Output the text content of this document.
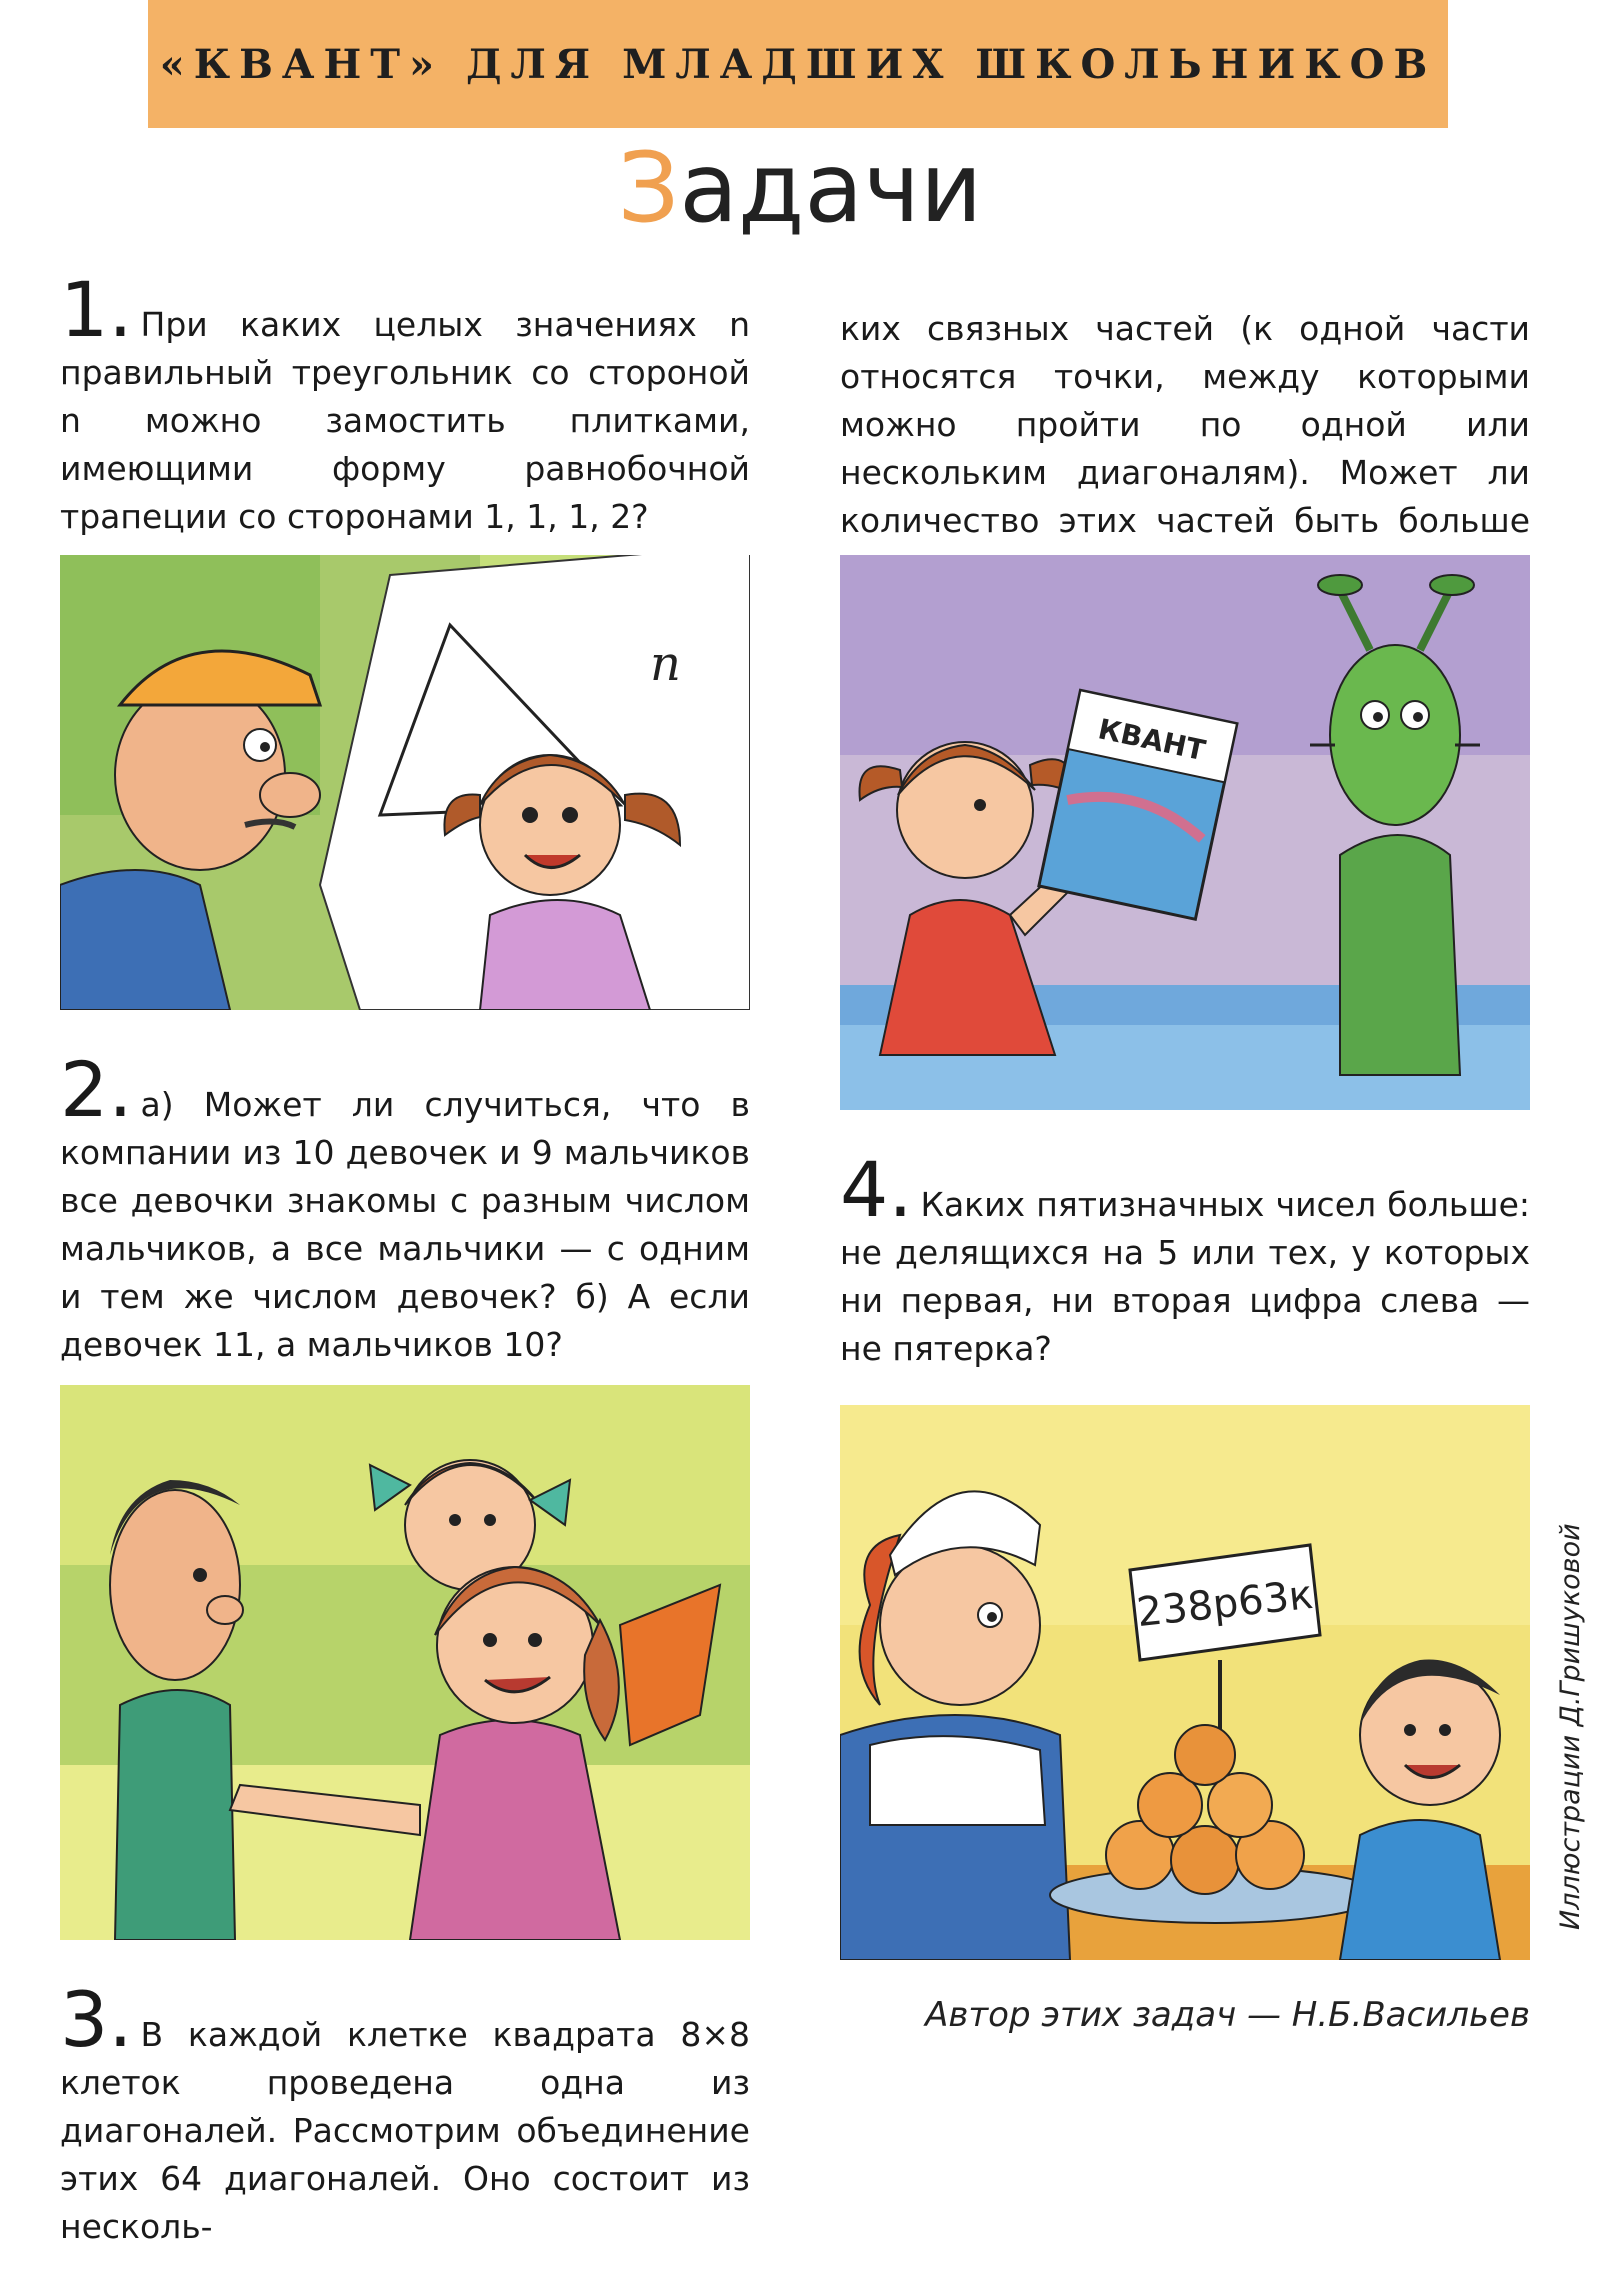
«КВАНТ» ДЛЯ МЛАДШИХ ШКОЛЬНИКОВ
Задачи
1. При каких целых значениях n правильный треугольник со стороной n можно замостить плитками, имеющими форму равнобочной трапеции со сторонами 1, 1, 1, 2?
n
2. а) Может ли случиться, что в компании из 10 девочек и 9 мальчиков все девочки знакомы с разным числом мальчиков, а все мальчики — с одним и тем же числом девочек? б) А если девочек 11, а мальчиков 10?
3. В каждой клетке квадрата 8×8 клеток проведена одна из диагоналей. Рассмотрим объединение этих 64 диагоналей. Оно состоит из несколь-
ких связных частей (к одной части относятся точки, между которыми можно пройти по одной или нескольким диагоналям). Может ли количество этих частей быть больше
КВАНТ
4. Каких пятизначных чисел больше: не делящихся на 5 или тех, у которых ни первая, ни вторая цифра слева — не пятерка?
238р63к
Автор этих задач — Н.Б.Васильев
Иллюстрации Д.Гришуковой
